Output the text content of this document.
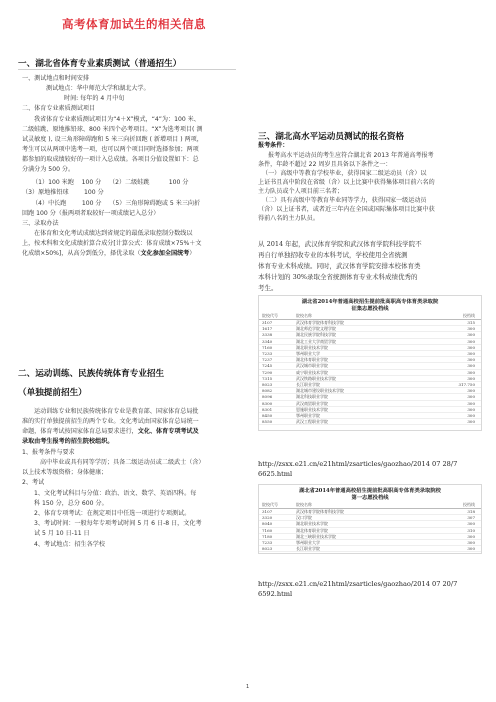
高考体育加试生的相关信息
一、湖北省体育专业素质测试（普通招生）
一、测试地点和时间安排
测试地点：华中师范大学和湖北大学。
时间: 每年的 4 月中旬
二、体育专业素质测试项目
我省体育专业素质测试项目为“4＋X”模式，“4”为：100 米、
二级蛙跳、原地推铅球、800 米四个必考项目。“X”为选考项目( 测
试灵敏度 ), 设三角形障碍跑和 5 米三向折回跑 ( 新增项目 ) 两项，
考生可以从两项中选考一项，也可以两个项目同时选择参加；两项
都参加的取成绩较好的一项计入总成绩。各项目分值设置如下：总
分满分为 500 分。
（1）100 米跑    100 分    （2）二级蛙跳          100 分
（3）原地推铅球        100 分
（4）中长跑        100 分    （5）三角形障碍跑或 5 米三向折
回跑 100 分（报两项者取较好一项成绩记入总分）
三、录取办法
在体育和文化考试成绩达到省规定的最低录取控制分数线以
上，按术科和文化成绩折算合成分[计算公式：体育成绩×75%＋文
化成绩×50%]，从高分到低分，择优录取（文化参加全国统考）
二、运动训练、民族传统体育专业招生
（单独提前招生）
运动训练专业和民族传统体育专业是教育部、国家体育总局批
准的实行单独提前招生的两个专业。文化考试由国家体育总局统一
命题，体育考试按国家体育总局要求进行，文化、体育专项考试及
录取由考生报考的招生院校组织。
1、报考条件与要求
高中毕业或具有同等学历；具备二级运动员或二级武士（含）
以上技术等级资格；身体健康；
2、考试
1、文化考试科目与分值：政治、语文、数学、英语四科。每
科 150 分，总分 600 分。
2、体育专项考试：在规定项目中任选一项进行专项测试。
3、考试时间：一般每年专项考试时间 5 月 6 日-8 日，文化考
试 5 月 10 日-11 日
4、考试地点：招生各学校
三、湖北高水平运动员测试的报名资格
报考条件：
报考高水平运动员的考生应符合湖北省 2013 年普通高考报考
条件，年龄不超过 22 周岁且具备以下条件之一：
（一）高级中等教育学校毕业，获得国家二级运动员（含）以
上证书且高中阶段在省级（含）以上比赛中获得集体项目前六名的
主力队员或个人项目前三名者；
（二）具有高级中等教育毕业同等学力，获得国家一级运动员
（含）以上证书者，或者近三年内在全国或国际集体项目比赛中获
得前八名的主力队员。
从 2014 年起，武汉体育学院和武汉体育学院科技学院不
再自行单独招收专业的本科考试，学校使用全省统测
体育专业术科成绩。同时，武汉体育学院安排本校体育类
本科计划的 30%录取全省统测体育专业术科成绩优秀的
考生。
湖北省2014年普通高校招生提前批高职高专体育类录取院
征集志愿投档线
院校代号	院校名称	投档线
3107	武汉体育学院体育科技学院	315
1617	湖北师范学院文理学院	300
3338	湖北民族学院科技学院	300
3340	湖北工业大学商贸学院	300
7160	湖北职业技术学院	300
7233	鄂州职业大学	300
7237	湖北体育职业学院	300
7245	武汉城市职业学院	300
7290	咸宁职业技术学院	300
7315	武汉铁路职业技术学院	300
8023	长江职业学院	317.750
8082	湖北城市建设职业技术学院	300
8096	湖北科技职业学院	300
8300	武汉商贸职业学院	300
8301	恩施职业技术学院	300
8450	鄂州职业学院	300
8550	武汉工程职业学院	300
http://zsxx.e21.cn/e21html/zsarticles/gaozhao/2014 07 28/7
6625.html
湖北省2014年普通高校招生提前批高职高专体育类录取院校
第一志愿投档线
院校代号	院校名称	投档线
3107	武汉体育学院体育科技学院	318
3320	汉口学院	307
8040	湖北职业技术学院	300
7160	湖北体育职业学院	310
7180	湖北三峡职业技术学院	300
7233	鄂州职业大学	300
8023	长江职业学院	300
http://zsxx.e21.cn/e21html/zsarticles/gaozhao/2014 07 20/7
6592.html
1
